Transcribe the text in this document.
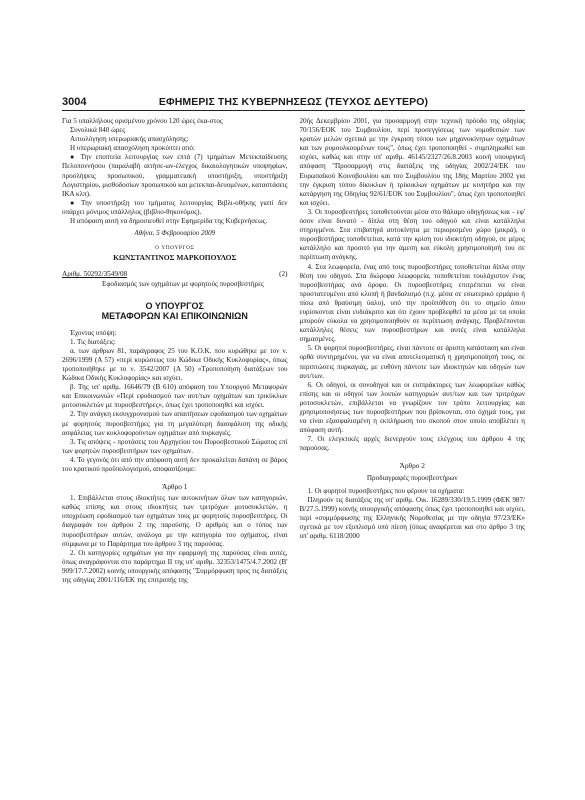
3004	ΕΦΗΜΕΡΙΣ ΤΗΣ ΚΥΒΕΡΝΗΣΕΩΣ (ΤΕΥΧΟΣ ΔΕΥΤΕΡΟ)

Για 5 υπαλλήλους ορισμένου χρόνου 120 ώρες έκα-στος

Συνολικά 840 ώρες

Αιτιολόγηση υπερωριακής απασχόλησης:

Η υπερωριακή απασχόληση προκύπτει από:

● Την εποπτεία λειτουργίας των επτά (7) τμημάτων Μετεκπαίδευσης Πελοποννήσου (παραλαβή αιτήσε-ων-έλεγχος δικαιολογητικών υποψηφίων, προσλήψεις προσωπικού, γραμματειακή υποστήριξη, υποστήριξη Λογιστηρίου, μισθοδοσίων προσωπικού και μετεκπαι-δευομένων, καταστάσεις ΙΚΑ κλπ).

● Την υποστήριξη του τμήματος λειτουργίας Βιβλι-οθήκης γιατί δεν υπάρχει μόνιμος υπάλληλος (βιβλιο-θηκονόμος).

Η απόφαση αυτή να δημοσιευθεί στην Εφημερίδα της Κυβερνήσεως.

Αθήνα, 5 Φεβρουαρίου 2009
Ο ΥΠΟΥΡΓΟΣ
ΚΩΝΣΤΑΝΤΙΝΟΣ ΜΑΡΚΟΠΟΥΛΟΣ
Αριθμ. 50292/3549/08	(2)
Εφοδιασμός των οχημάτων με φορητούς πυροσβεστήρες
Ο ΥΠΟΥΡΓΟΣ
ΜΕΤΑΦΟΡΩΝ ΚΑΙ ΕΠΙΚΟΙΝΩΝΙΩΝ

Έχοντας υπόψη:

1. Τις διατάξεις:

α. των άρθρων 81, παράγραφος 25 του Κ.Ο.Κ. που κυρώθηκε με τον ν. 2696/1999 (Α 57) «περί κυρώσεως του Κώδικα Οδικής Κυκλοφορίας», όπως τροποποιήθηκε με το ν. 3542/2007 (Α 50) «Τροποποίηση διατάξεων του Κώδικα Οδικής Κυκλοφορίας» και ισχύει.

β. Της υπ' αριθμ. 16646/79 (Β 610) απόφαση του Υπουργού Μεταφορών και Επικοινωνιών «Περί εφοδιασμού των αυτ/των οχημάτων και τρικύκλων μοτοσυκλετών με πυροσβεστήρες», όπως έχει τροποποιηθεί και ισχύει.

2. Την ανάγκη εκσυγχρονισμού των απαιτήσεων εφοδιασμού των οχημάτων με φορητούς πυροσβεστήρες για τη μεγαλύτερη διασφάλιση της οδικής ασφάλειας των κυκλοφορούντων οχημάτων από πυρκαγιές.

3. Τις απόψεις - προτάσεις του Αρχηγείου του Πυροσβεστικού Σώματος επί των φορητών πυροσβεστήρων των οχημάτων.

4. Το γεγονός ότι από την απόφαση αυτή δεν προκαλείται δαπάνη σε βάρος του κρατικού προϋπολογισμού, αποφασίζουμε:

Άρθρο 1

1. Επιβάλλεται στους ιδιοκτήτες των αυτοκινήτων όλων των κατηγοριών, καθώς επίσης και στους ιδιοκτήτες των τριτρόχων μοτοσυκλετών, η υποχρέωση εφοδιασμού των οχημάτων τους με φορητούς πυροσβεστήρες. Οι διαγραφάν του άρθρου 2 της παρούσης. Ο αριθμός και ο τύπος των πυροσβεστήρων αυτών, ανάλογα με την κατηγορία του οχήματος, είναι σύμφωνα με το Παράρτημα του άρθρου 3 της παρούσας.

2. Οι κατηγορίες οχημάτων για την εφαρμογή της παρούσας είναι αυτές, όπως αναγράφονται στο παράρτημα ΙΙ της υπ' αριθμ. 32353/1475/4.7.2002 (Β' 909/17.7.2002) κοινής υπουργικής απόφασης "Συμμόρφωση προς τις διατάξεις της οδηγίας 2001/116/ΕΚ της επιτροπής της

20ής Δεκεμβρίου 2001, για προσαρμογή στην τεχνική πρόοδο της οδηγίας 70/156/ΕΟΚ του Συμβουλίου, περί προσεγγίσεως των νομοθεσιών των κρατών μελών σχετικά με την έγκριση τύπου των μηχανοκίνητων οχημάτων και των ρυμουλκουμένων τους", όπως έχει τροποποιηθεί - συμπληρωθεί και ισχύει, καθώς και στην υπ' αριθμ. 46145/2327/26.8.2003 κοινή υπουργική απόφαση "Προσαρμογή στις διατάξεις της οδηγίας 2002/24/ΕΚ του Ευρωπαϊκού Κοινοβουλίου και του Συμβουλίου της 18ης Μαρτίου 2002 για την έγκριση τύπου δίκυκλων ή τρίκυκλων οχημάτων με κινητήρα και την κατάργηση της Οδηγίας 92/61/ΕΟΚ του Συμβουλίου", όπως έχει τροποποιηθεί και ισχύει.

3. Οι πυροσβεστήρες τοποθετούνται μέσα στο θάλαμο οδηγήσεως και - εφ' όσον είναι δυνατό - δίπλα στη θέση του οδηγού και είναι κατάλληλα στηριγμένοι. Στα επιβατηγά αυτοκίνητα με περιορισμένο χώρο (μικρά), ο πυροσβεστήρας τοποθετείται, κατά την κρίση του ιδιοκτήτη οδηγού, σε μέρος κατάλληλο και προσιτό για την άμεση και εύκολη χρησιμοποίησή του σε περίπτωση ανάγκης.

4. Στα λεωφορεία, ένας από τους πυροσβεστήρες τοποθετείται δίπλα στην θέση του οδηγού. Στα διώροφα λεωφορεία, τοποθετείται τουλάχιστον ένας πυροσβεστήρας ανά όροφο. Οι πυροσβεστήρες επιτρέπεται να είναι προστατευμένοι από κλοπή ή βανδαλισμό (π.χ. μέσα σε εσωτερικό ερμάριο ή πίσω από θραύσιμη ύαλο), υπό την προϋπόθεση ότι το σημείο όπου ευρίσκονται είναι ευδιάκριτο και ότι έχουν προβλεφθεί τα μέσα με τα οποία μπορούν εύκολα να χρησιμοποιηθούν σε περίπτωση ανάγκης. Προβλέπονται κατάλληλες θέσεις των πυροσβεστήρων και αυτές είναι κατάλληλα σημασμένες.

5. Οι φορητοί πυροσβεστήρες, είναι πάντοτε σε άριστη κατάσταση και είναι ορθά συντηρημένοι, για να είναι αποτελεσματική η χρησιμοποίησή τους, σε περιπτώσεις πυρκαγιάς, με ευθύνη πάντοτε των ιδιοκτητών και οδηγών των αυτ/των.

6. Οι οδηγοί, οι συνοδηγοί και οι εισπράκτορες των λεωφορείων καθώς επίσης και οι οδηγοί των λοιπών κατηγοριών αυτ/των και των τριτρόχων μοτοσυκλετών, επιβάλλεται να γνωρίζουν τον τρόπο λειτουργίας και χρησιμοποιήσεως των πυροσβεστήρων που βρίσκονται, στο όχημά τους, για να είναι εξασφαλισμένη η εκπλήρωση του σκοπού στον οποίο αποβλέπει η απόφαση αυτή.

7. Οι ελεγκτικές αρχές διενεργούν τους ελέγχους του άρθρου 4 της παρούσας.

Άρθρο 2
Προδιαγραφές πυροσβεστήρων

1. Οι φορητοί πυροσβεστήρες που φέρουν τα οχήματα:

Πληρούν τις διατάξεις της υπ' αριθμ. Οικ. 16289/330/19.5.1999 (ΦΕΚ 987/Β/27.5.1999) κοινής υπουργικής απόφασης όπως έχει τροποποιηθεί και ισχύει, περί «συμμόρφωσης της Ελληνικής Νομοθεσίας με την οδηγία 97/23/ΕΚ» σχετικά με τον εξοπλισμό υπό πίεση (όπως αναφέρεται και στο άρθρο 3 της υπ' αριθμ. 6118/2000
